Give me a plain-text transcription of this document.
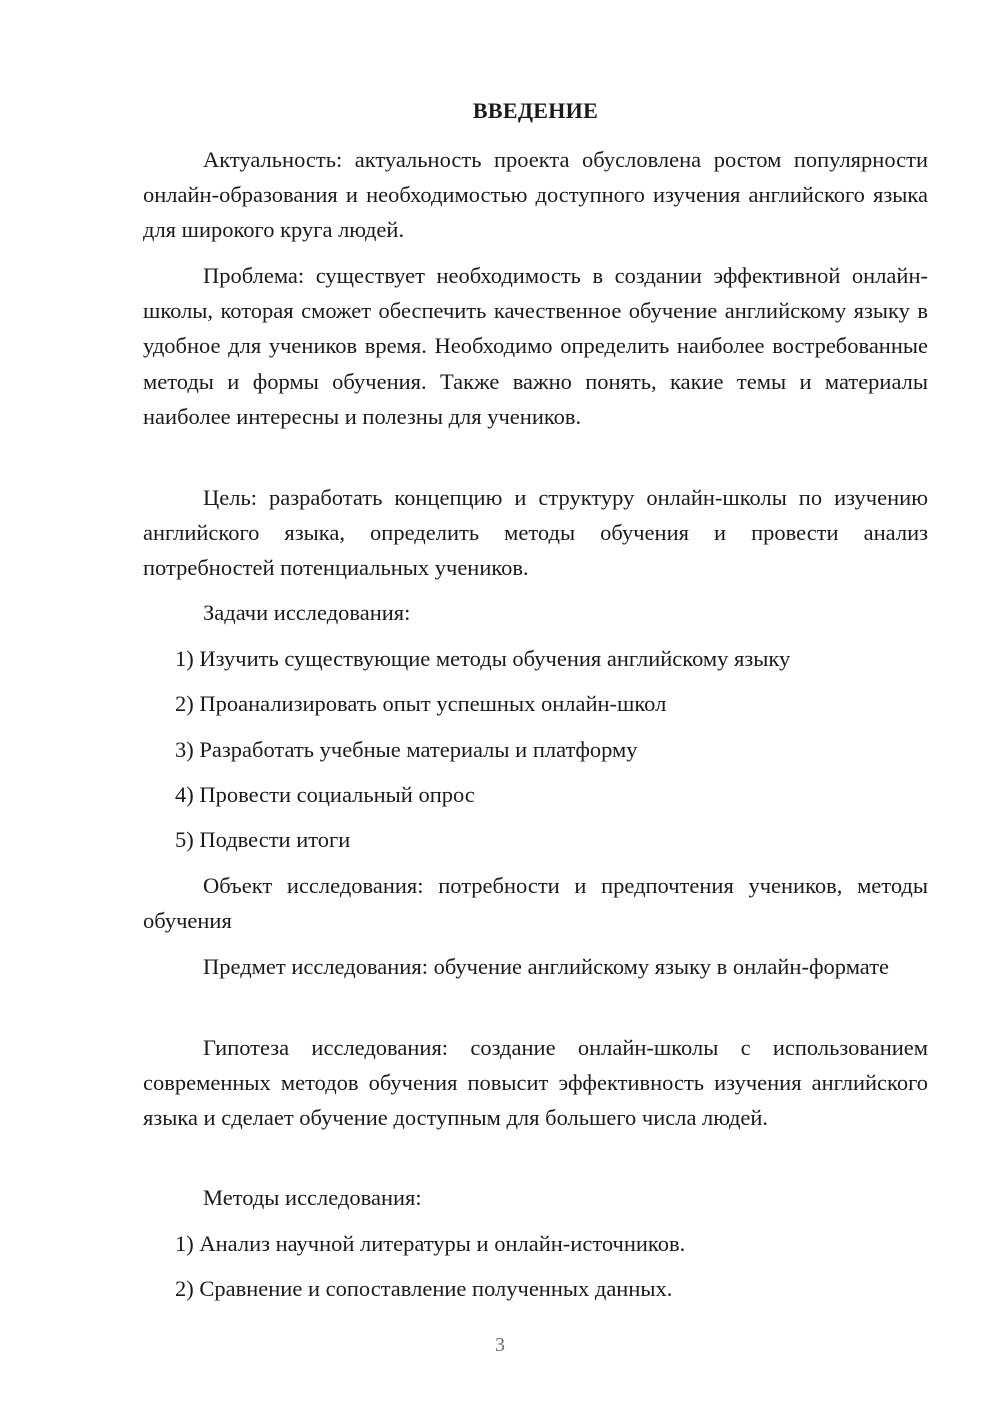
ВВЕДЕНИЕ
Актуальность: актуальность проекта обусловлена ростом популярности онлайн-образования и необходимостью доступного изучения английского языка для широкого круга людей.
Проблема: существует необходимость в создании эффективной онлайн-школы, которая сможет обеспечить качественное обучение английскому языку в удобное для учеников время. Необходимо определить наиболее востребованные методы и формы обучения. Также важно понять, какие темы и материалы наиболее интересны и полезны для учеников.
Цель: разработать концепцию и структуру онлайн-школы по изучению английского языка, определить методы обучения и провести анализ потребностей потенциальных учеников.
Задачи исследования:
1) Изучить существующие методы обучения английскому языку
2) Проанализировать опыт успешных онлайн-школ
3) Разработать учебные материалы и платформу
4) Провести социальный опрос
5) Подвести итоги
Объект исследования: потребности и предпочтения учеников, методы обучения
Предмет исследования: обучение английскому языку в онлайн-формате
Гипотеза исследования: создание онлайн-школы с использованием современных методов обучения повысит эффективность изучения английского языка и сделает обучение доступным для большего числа людей.
Методы исследования:
1) Анализ научной литературы и онлайн-источников.
2) Сравнение и сопоставление полученных данных.
3
